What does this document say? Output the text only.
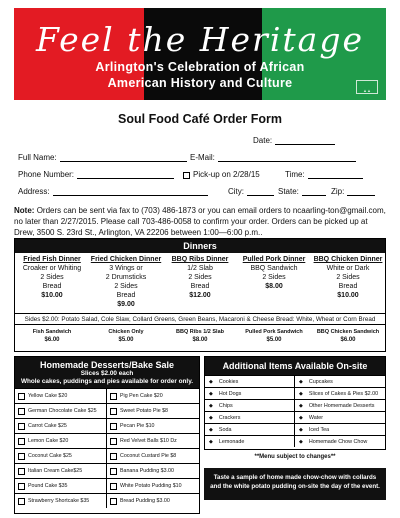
Feel the Heritage
Arlington's Celebration of African
American History and Culture
▲▲
Soul Food Café Order Form
Date:
Full Name:	E-Mail:
Phone Number:	Pick-up on 2/28/15	Time:
Address:	City:	State:	Zip:
Note: Orders can be sent via fax to (703) 486-1873 or you can email orders to ncaarling-ton@gmail.com, no later than 2/27/2015. Please call 703-486-0058 to confirm your order. Orders can be picked up at Drew, 3500 S. 23rd St., Arlington, VA 22206 between 1:00—6:00 p.m..
Dinners
Fried Fish Dinner
Croaker or Whiting
2 Sides
Bread
$10.00
Fried Chicken Dinner
3 Wings or
2 Drumsticks
2 Sides
Bread
$9.00
BBQ Ribs Dinner
1/2 Slab
2 Sides
Bread
$12.00
Pulled Pork Dinner
BBQ Sandwich
2 Sides
$8.00
BBQ Chicken Dinner
White or Dark
2 Sides
Bread
$10.00
Sides $2.00: Potato Salad, Cole Slaw, Collard Greens, Green Beans, Macaroni & Cheese Bread: White, Wheat or Corn Bread
Fish Sandwich
$6.00
Chicken Only
$5.00
BBQ Ribs 1/2 Slab
$8.00
Pulled Pork Sandwich
$5.00
BBQ Chicken Sandwich
$6.00
Homemade Desserts/Bake Sale
Slices $2.00 each
Whole cakes, puddings and pies available for order only.
Yellow Cake $20	Pig Pen Cake $20
German Chocolate Cake $25	Sweet Potato Pie $8
Carrot Cake $25	Pecan Pie $10
Lemon Cake $20	Red Velvet Balls $10 Dz
Coconut Cake $25	Coconut Custard Pie $8
Italian Cream Cake$25	Banana Pudding $3.00
Pound Cake $35	White Potato Pudding $10
Strawberry Shortcake $35	Bread Pudding $3.00
Additional Items Available On-site
◆ Cookies	◆ Cupcakes
◆ Hot Dogs	◆ Slices of Cakes & Pies $2.00
◆ Chips	◆ Other Homemade Desserts
◆ Crackers	◆ Water
◆ Soda	◆ Iced Tea
◆ Lemonade	◆ Homemade Chow Chow
**Menu subject to changes**
Taste a sample of home made chow-chow with collards and the white potato pudding on-site the day of the event.
